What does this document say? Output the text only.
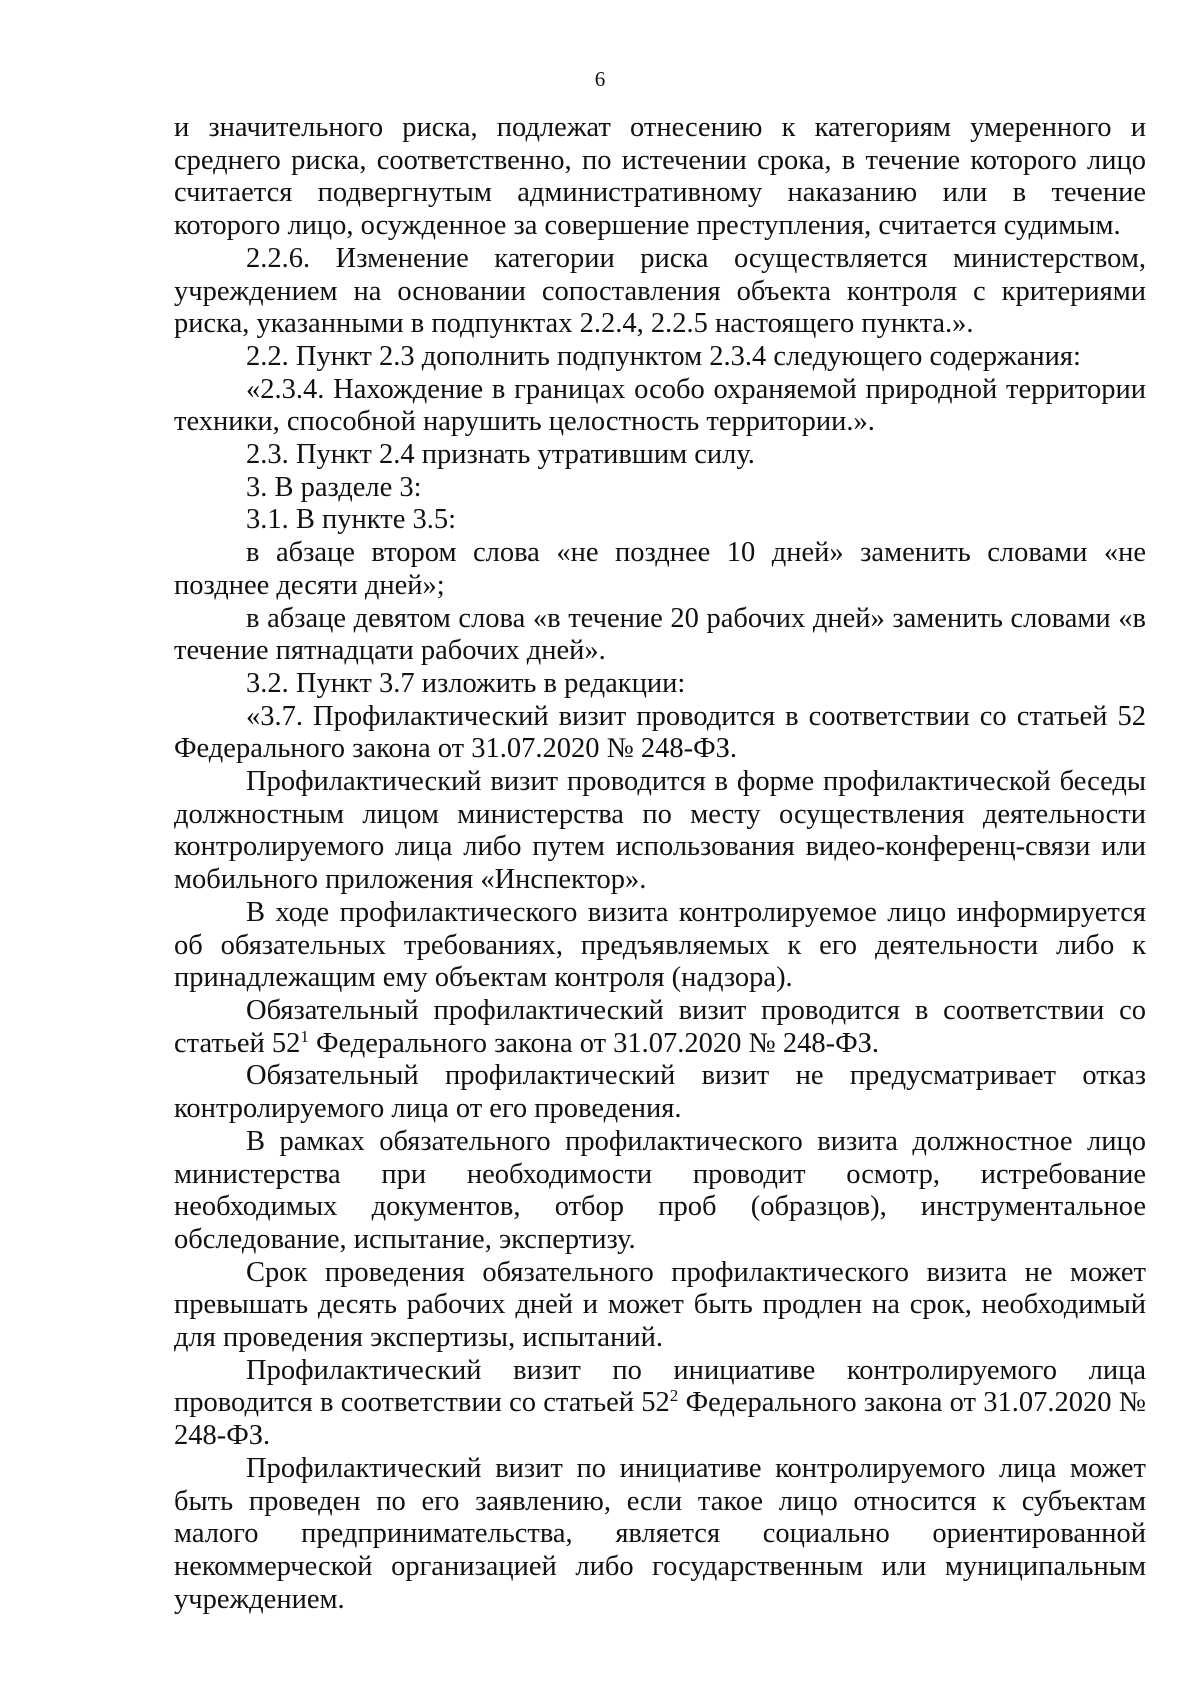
6

и значительного риска, подлежат отнесению к категориям умеренного и среднего риска, соответственно, по истечении срока, в течение которого лицо считается подвергнутым административному наказанию или в течение которого лицо, осужденное за совершение преступления, считается судимым.

2.2.6. Изменение категории риска осуществляется министерством, учреждением на основании сопоставления объекта контроля с критериями риска, указанными в подпунктах 2.2.4, 2.2.5 настоящего пункта.».

2.2. Пункт 2.3 дополнить подпунктом 2.3.4 следующего содержания:

«2.3.4. Нахождение в границах особо охраняемой природной территории техники, способной нарушить целостность территории.».

2.3. Пункт 2.4 признать утратившим силу.

3. В разделе 3:

3.1. В пункте 3.5:

в абзаце втором слова «не позднее 10 дней» заменить словами «не позднее десяти дней»;

в абзаце девятом слова «в течение 20 рабочих дней» заменить словами «в течение пятнадцати рабочих дней».

3.2. Пункт 3.7 изложить в редакции:

«3.7. Профилактический визит проводится в соответствии со статьей 52 Федерального закона от 31.07.2020 № 248-ФЗ.

Профилактический визит проводится в форме профилактической беседы должностным лицом министерства по месту осуществления деятельности контролируемого лица либо путем использования видео-конференц-связи или мобильного приложения «Инспектор».

В ходе профилактического визита контролируемое лицо информируется об обязательных требованиях, предъявляемых к его деятельности либо к принадлежащим ему объектам контроля (надзора).

Обязательный профилактический визит проводится в соответствии со статьей $52^1$ Федерального закона от 31.07.2020 № 248-ФЗ.

Обязательный профилактический визит не предусматривает отказ контролируемого лица от его проведения.

В рамках обязательного профилактического визита должностное лицо министерства при необходимости проводит осмотр, истребование необходимых документов, отбор проб (образцов), инструментальное обследование, испытание, экспертизу.

Срок проведения обязательного профилактического визита не может превышать десять рабочих дней и может быть продлен на срок, необходимый для проведения экспертизы, испытаний.

Профилактический визит по инициативе контролируемого лица проводится в соответствии со статьей $52^2$ Федерального закона от 31.07.2020 № 248-ФЗ.

Профилактический визит по инициативе контролируемого лица может быть проведен по его заявлению, если такое лицо относится к субъектам малого предпринимательства, является социально ориентированной некоммерческой организацией либо государственным или муниципальным учреждением.
